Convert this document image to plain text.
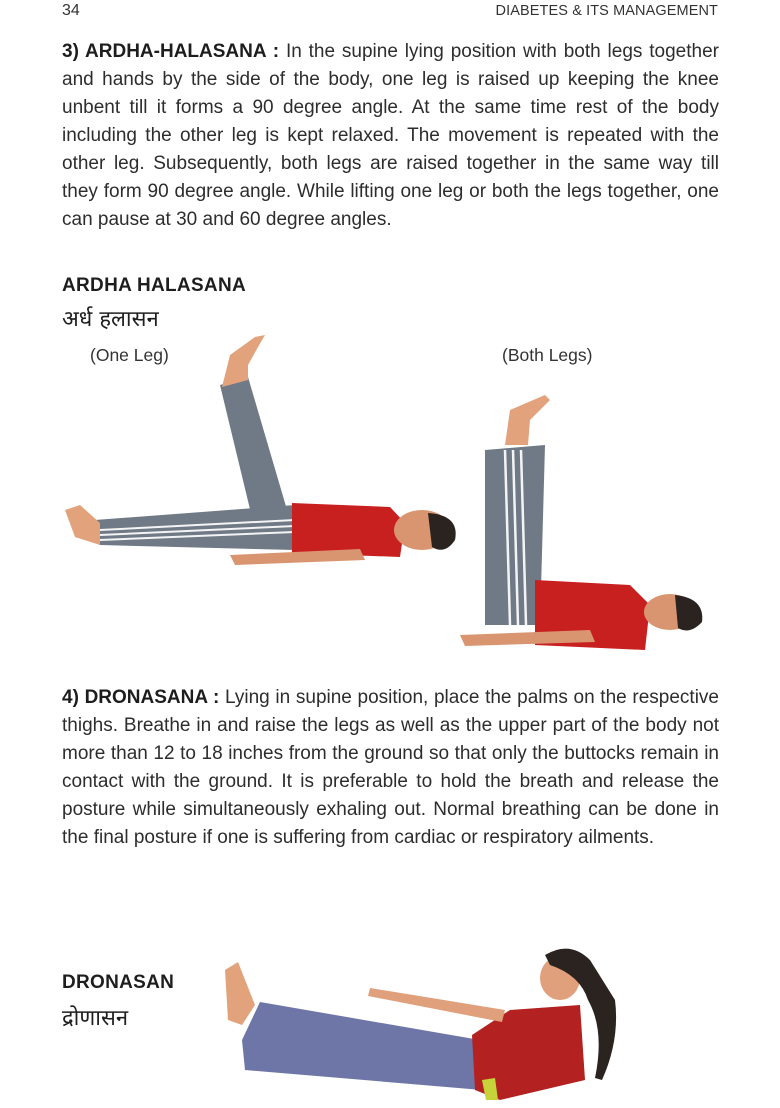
34	DIABETES & ITS MANAGEMENT
3) ARDHA-HALASANA : In the supine lying position with both legs together and hands by the side of the body, one leg is raised up keeping the knee unbent till it forms a 90 degree angle. At the same time rest of the body including the other leg is kept relaxed. The movement is repeated with the other leg. Subsequently, both legs are raised together in the same way till they form 90 degree angle. While lifting one leg or both the legs together, one can pause at 30 and 60 degree angles.
ARDHA HALASANA
अर्ध हलासन
(One Leg)	(Both Legs)
4) DRONASANA : Lying in supine position, place the palms on the respective thighs. Breathe in and raise the legs as well as the upper part of the body not more than 12 to 18 inches from the ground so that only the buttocks remain in contact with the ground. It is preferable to hold the breath and release the posture while simultaneously exhaling out. Normal breathing can be done in the final posture if one is suffering from cardiac or respiratory ailments.
DRONASAN
द्रोणासन
